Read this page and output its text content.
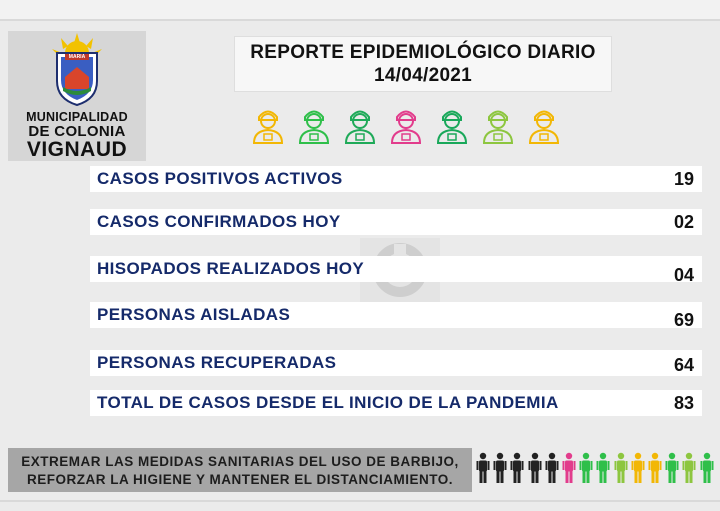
MARIA
MUNICIPALIDAD
DE COLONIA
VIGNAUD
REPORTE EPIDEMIOLÓGICO DIARIO
14/04/2021
CASOS POSITIVOS ACTIVOS	19
CASOS CONFIRMADOS HOY	02
HISOPADOS REALIZADOS HOY	04
PERSONAS AISLADAS	69
PERSONAS RECUPERADAS	64
TOTAL DE CASOS DESDE EL INICIO DE LA PANDEMIA	83
EXTREMAR LAS MEDIDAS SANITARIAS DEL USO DE BARBIJO,
REFORZAR LA HIGIENE Y MANTENER EL DISTANCIAMIENTO.
